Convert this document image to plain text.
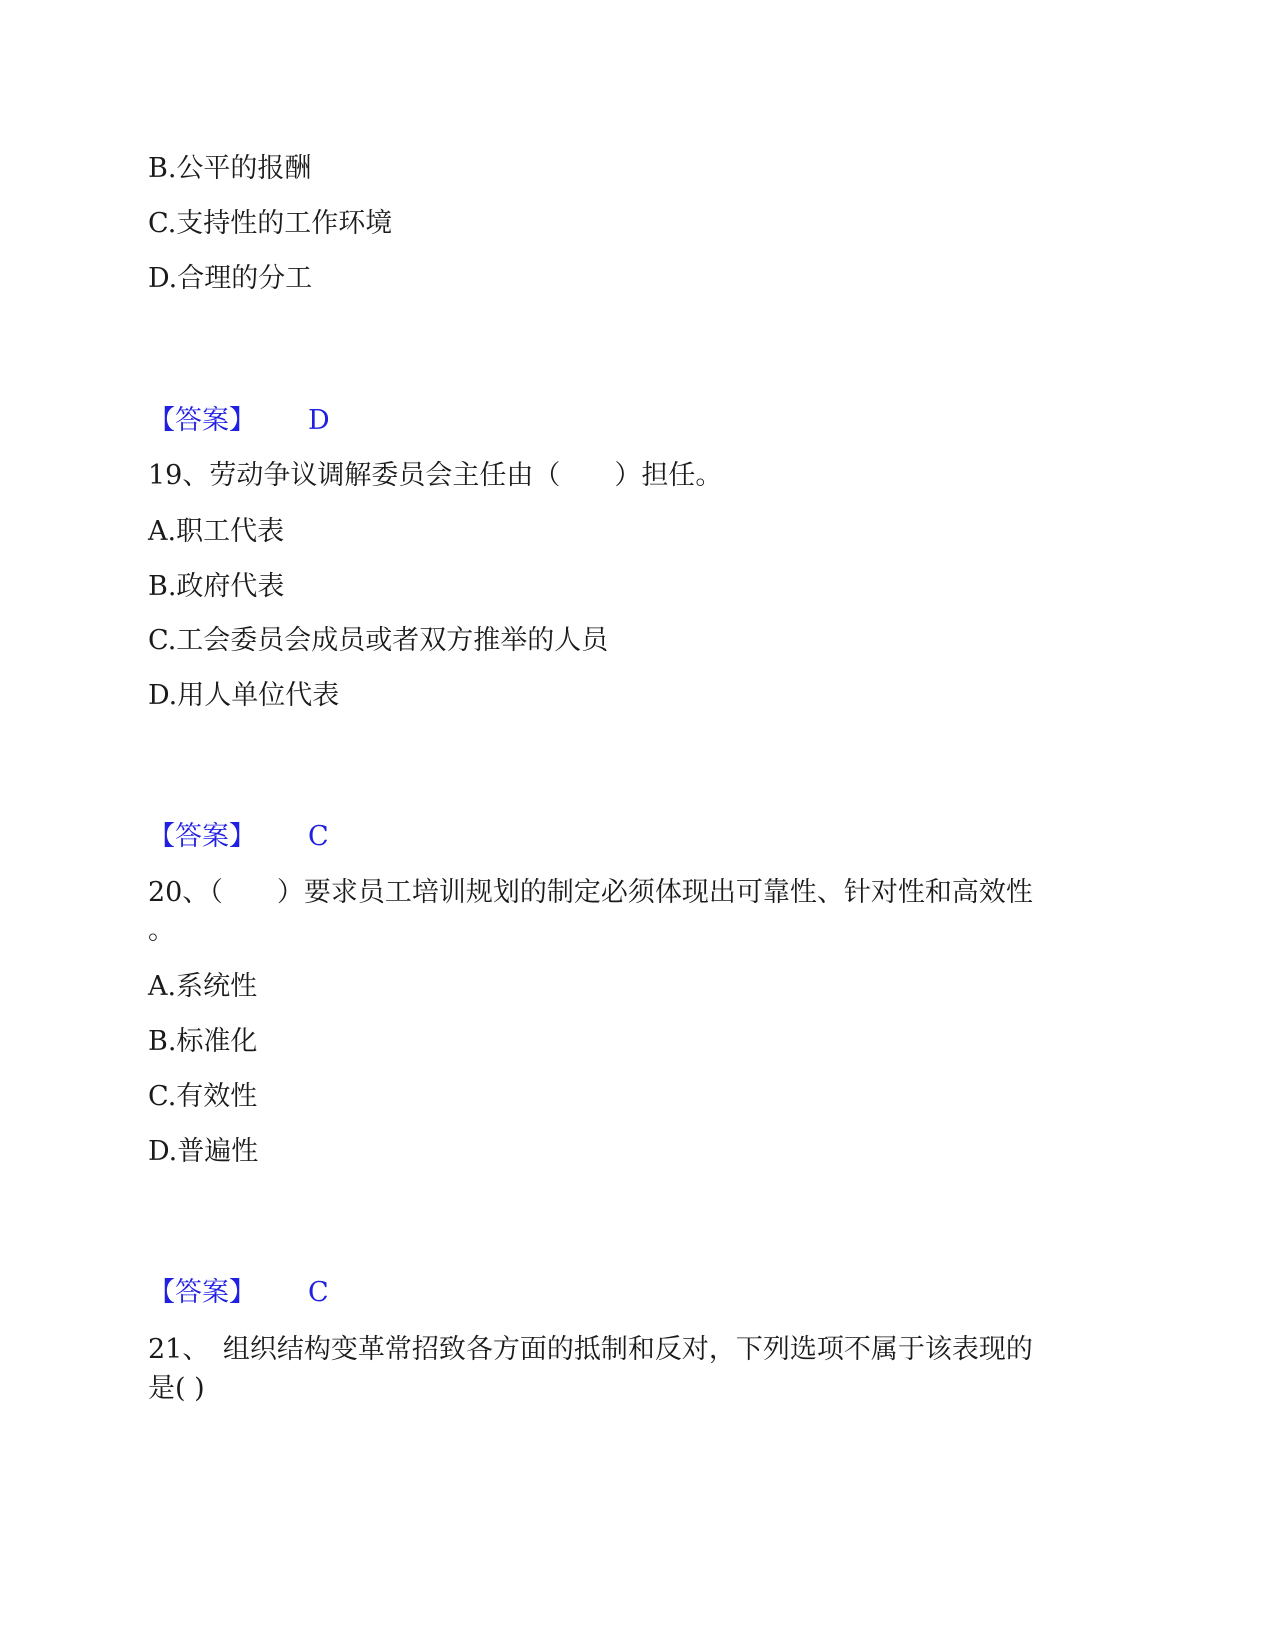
B.公平的报酬
C.支持性的工作环境
D.合理的分工
【答案】 D
19、劳动争议调解委员会主任由（　　）担任。
A.职工代表
B.政府代表
C.工会委员会成员或者双方推举的人员
D.用人单位代表
【答案】 C
20、（　　）要求员工培训规划的制定必须体现出可靠性、针对性和高效性
。
A.系统性
B.标准化
C.有效性
D.普遍性
【答案】 C
21、　组织结构变革常招致各方面的抵制和反对，下列选项不属于该表现的
是( )
